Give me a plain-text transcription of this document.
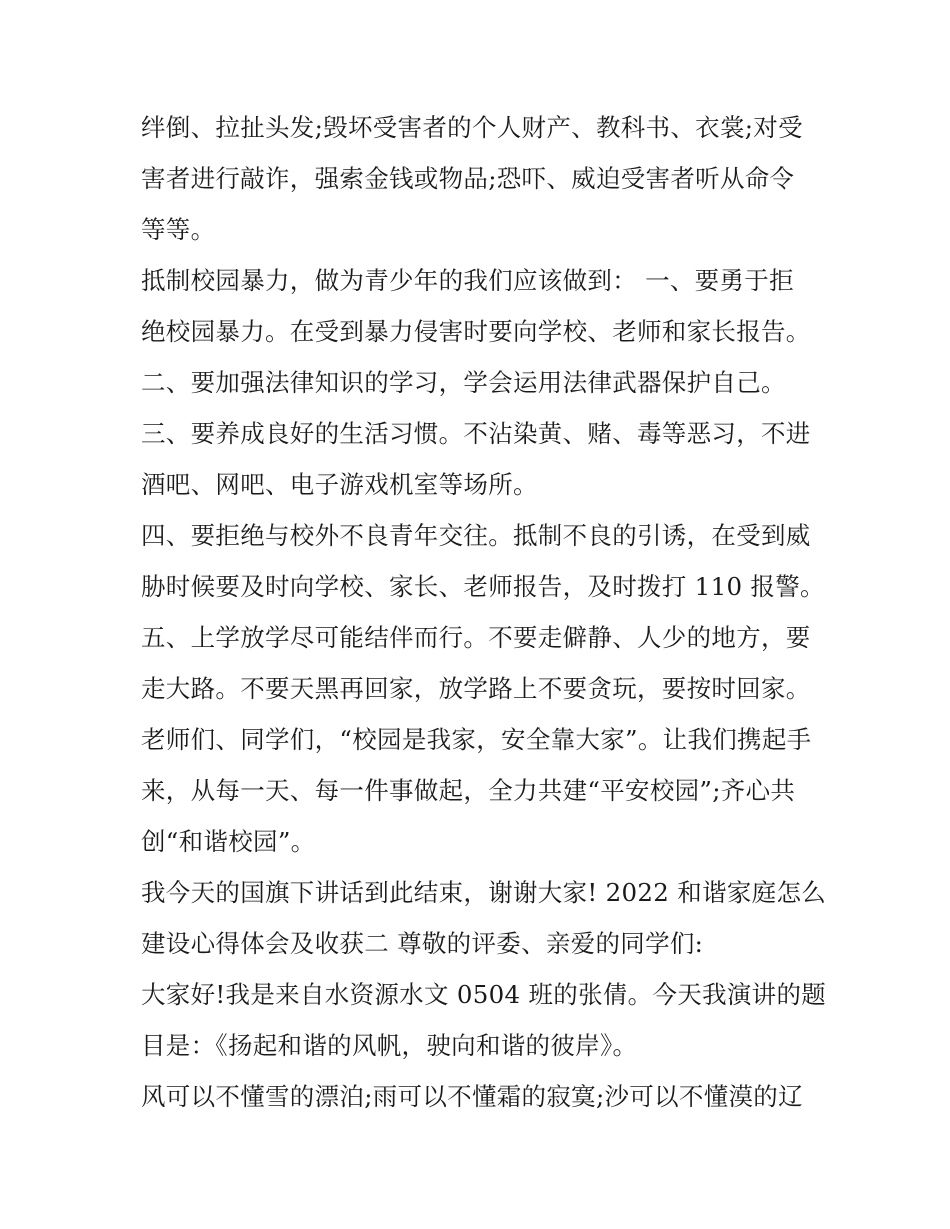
绊倒、拉扯头发;毁坏受害者的个人财产、教科书、衣裳;对受
害者进行敲诈，强索金钱或物品;恐吓、威迫受害者听从命令
等等。
抵制校园暴力，做为青少年的我们应该做到： 一、要勇于拒
绝校园暴力。在受到暴力侵害时要向学校、老师和家长报告。
二、要加强法律知识的学习，学会运用法律武器保护自己。
三、要养成良好的生活习惯。不沾染黄、赌、毒等恶习，不进
酒吧、网吧、电子游戏机室等场所。
四、要拒绝与校外不良青年交往。抵制不良的引诱，在受到威
胁时候要及时向学校、家长、老师报告，及时拨打 110 报警。
五、上学放学尽可能结伴而行。不要走僻静、人少的地方，要
走大路。不要天黑再回家，放学路上不要贪玩，要按时回家。
老师们、同学们，“校园是我家，安全靠大家”。让我们携起手
来，从每一天、每一件事做起，全力共建“平安校园”;齐心共
创“和谐校园”。
我今天的国旗下讲话到此结束，谢谢大家! 2022 和谐家庭怎么
建设心得体会及收获二 尊敬的评委、亲爱的同学们:
大家好!我是来自水资源水文 0504 班的张倩。今天我演讲的题
目是：《扬起和谐的风帆，驶向和谐的彼岸》。
风可以不懂雪的漂泊;雨可以不懂霜的寂寞;沙可以不懂漠的辽
